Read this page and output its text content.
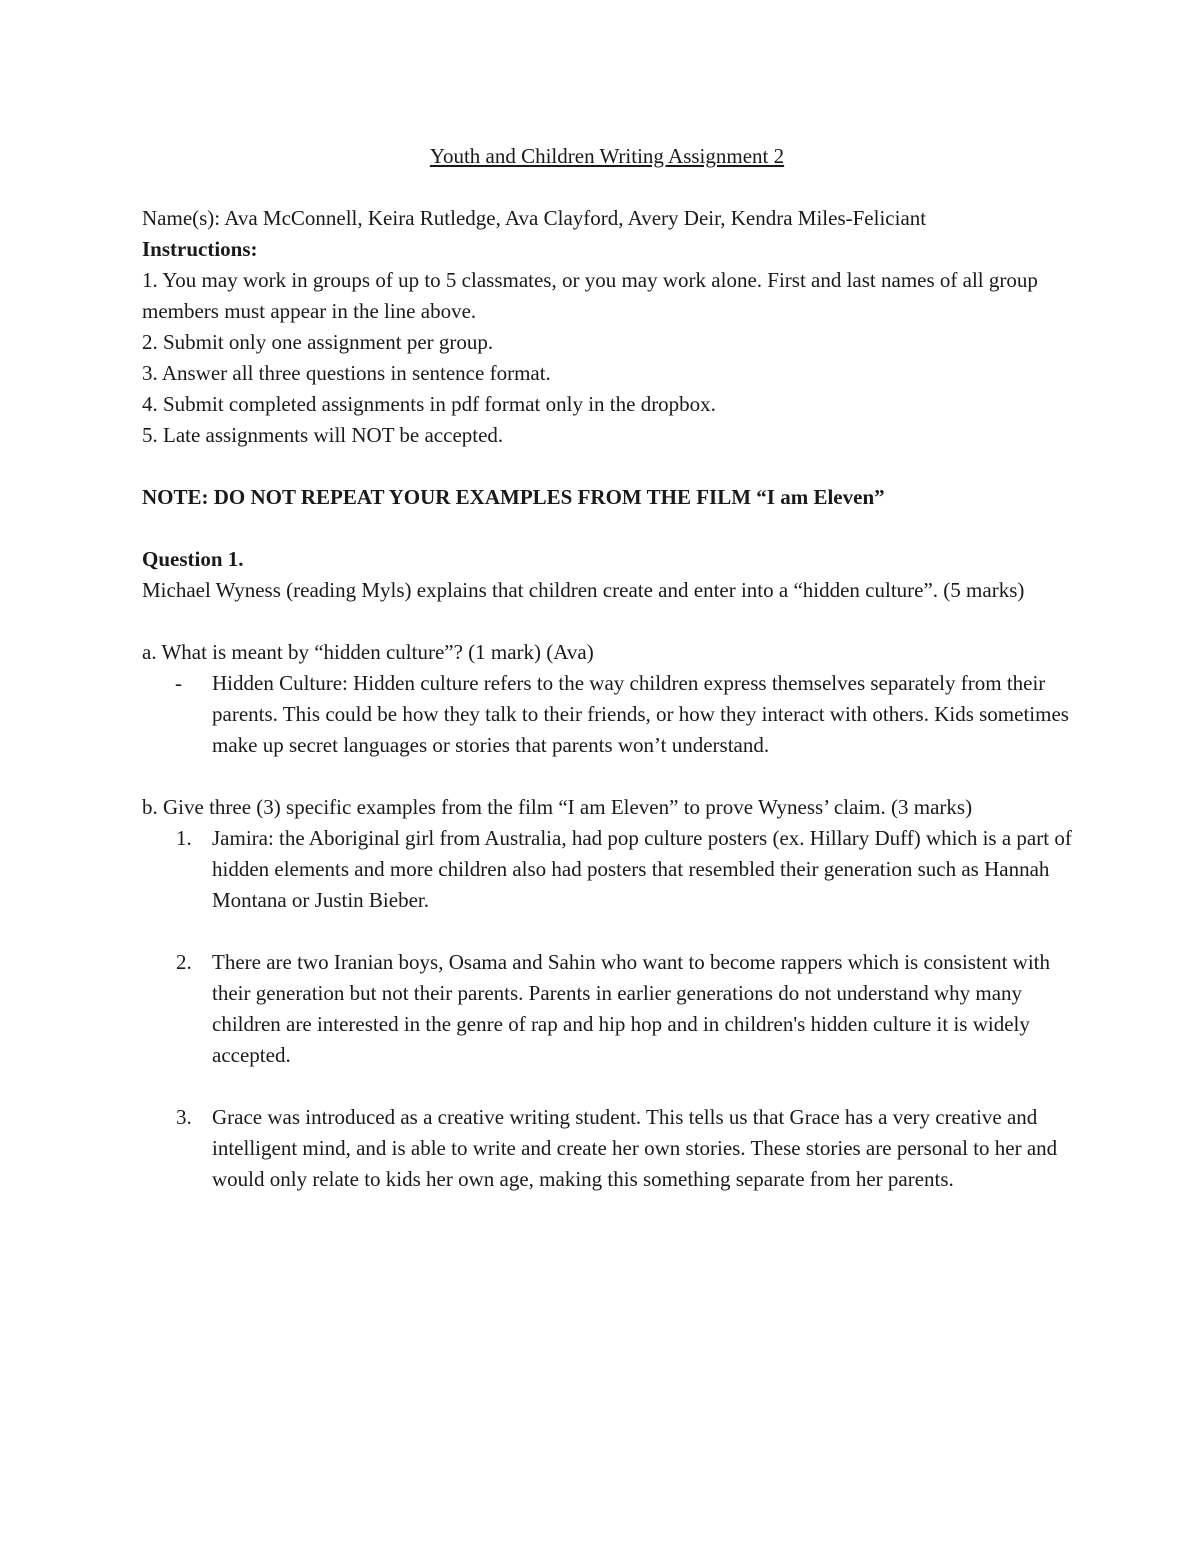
Youth and Children Writing Assignment 2

Name(s): Ava McConnell, Keira Rutledge, Ava Clayford, Avery Deir, Kendra Miles-Feliciant

Instructions:

1. You may work in groups of up to 5 classmates, or you may work alone. First and last names of all group members must appear in the line above.

2. Submit only one assignment per group.

3. Answer all three questions in sentence format.

4. Submit completed assignments in pdf format only in the dropbox.

5. Late assignments will NOT be accepted.

NOTE: DO NOT REPEAT YOUR EXAMPLES FROM THE FILM “I am Eleven”

Question 1.

Michael Wyness (reading Myls) explains that children create and enter into a “hidden culture”. (5 marks)

a. What is meant by “hidden culture”? (1 mark) (Ava)

- Hidden Culture: Hidden culture refers to the way children express themselves separately from their parents. This could be how they talk to their friends, or how they interact with others. Kids sometimes make up secret languages or stories that parents won’t understand.

b. Give three (3) specific examples from the film “I am Eleven” to prove Wyness’ claim. (3 marks)

1. Jamira: the Aboriginal girl from Australia, had pop culture posters (ex. Hillary Duff) which is a part of hidden elements and more children also had posters that resembled their generation such as Hannah Montana or Justin Bieber.
2. There are two Iranian boys, Osama and Sahin who want to become rappers which is consistent with their generation but not their parents. Parents in earlier generations do not understand why many children are interested in the genre of rap and hip hop and in children's hidden culture it is widely accepted.
3. Grace was introduced as a creative writing student. This tells us that Grace has a very creative and intelligent mind, and is able to write and create her own stories. These stories are personal to her and would only relate to kids her own age, making this something separate from her parents.
